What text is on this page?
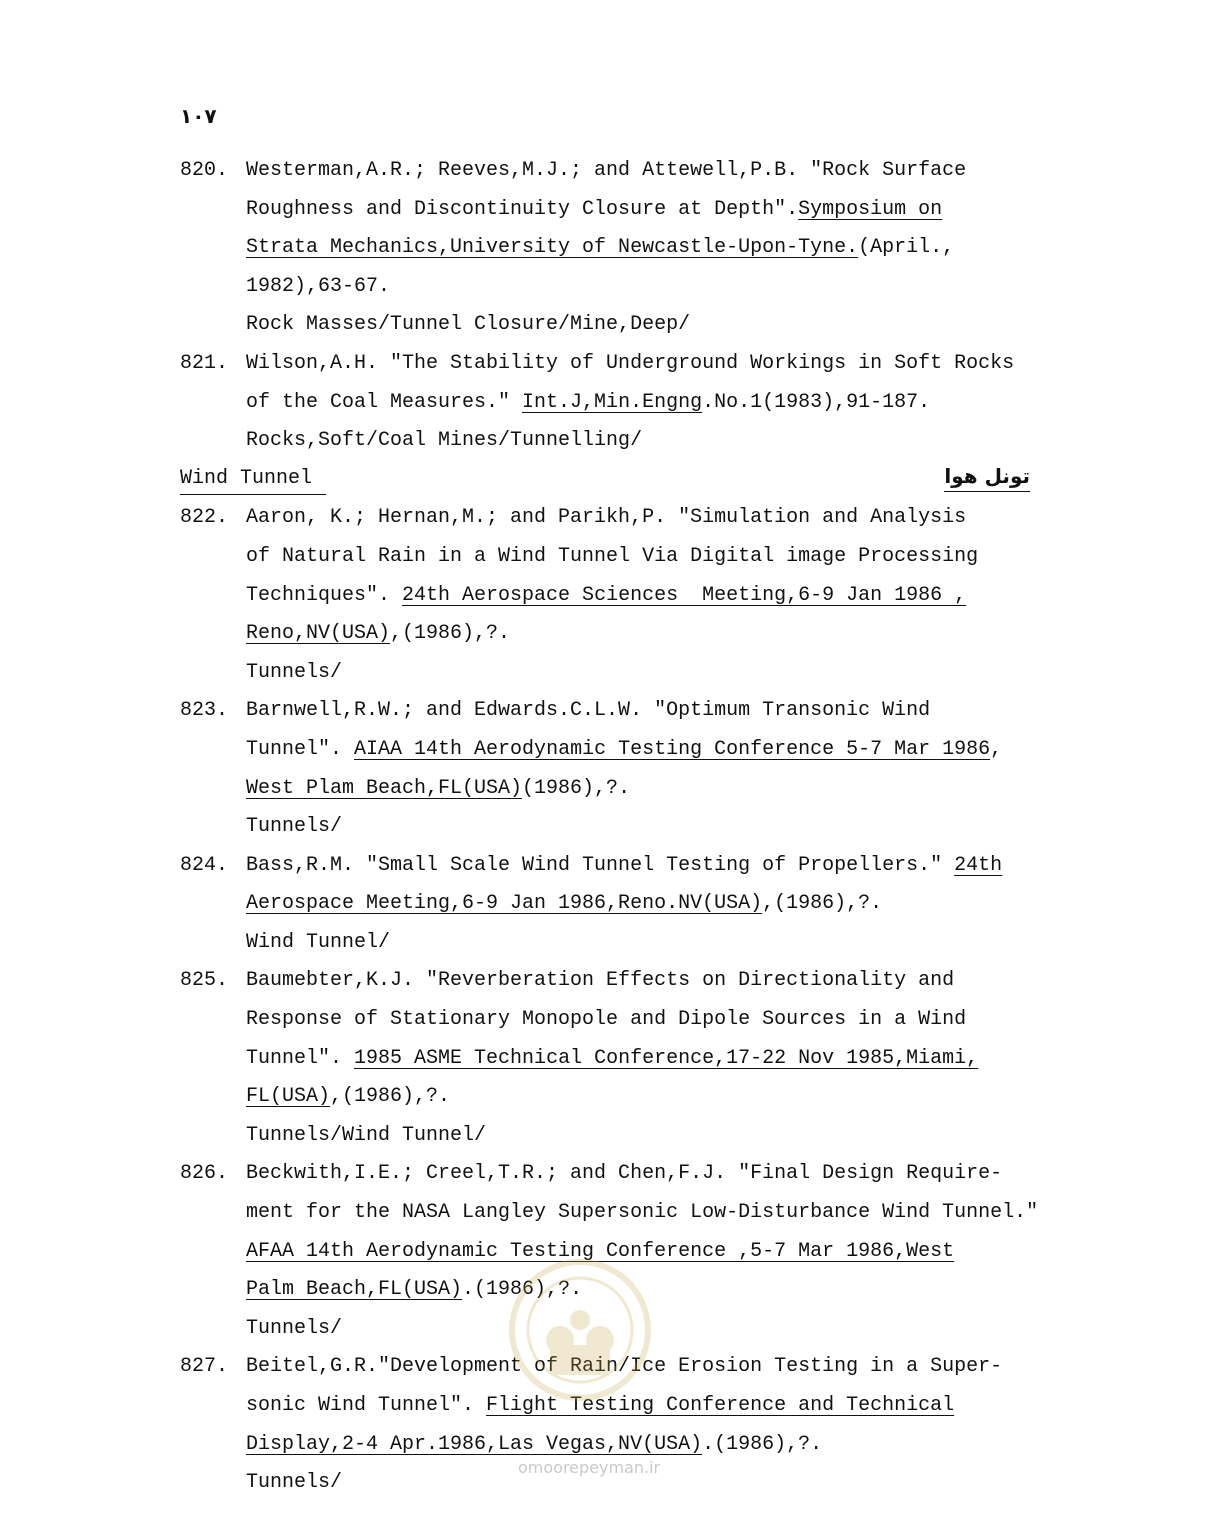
۱۰۷
820. Westerman,A.R.; Reeves,M.J.; and Attewell,P.B. "Rock Surface
Roughness and Discontinuity Closure at Depth".Symposium on
Strata Mechanics,University of Newcastle-Upon-Tyne.(April.,
1982),63-67.
Rock Masses/Tunnel Closure/Mine,Deep/
821. Wilson,A.H. "The Stability of Underground Workings in Soft Rocks
of the Coal Measures." Int.J,Min.Engng.No.1(1983),91-187.
Rocks,Soft/Coal Mines/Tunnelling/
Wind Tunnel	تونل هوا
822. Aaron, K.; Hernan,M.; and Parikh,P. "Simulation and Analysis
of Natural Rain in a Wind Tunnel Via Digital image Processing
Techniques". 24th Aerospace Sciences  Meeting,6-9 Jan 1986 ,
Reno,NV(USA),(1986),?.
Tunnels/
823. Barnwell,R.W.; and Edwards.C.L.W. "Optimum Transonic Wind
Tunnel". AIAA 14th Aerodynamic Testing Conference 5-7 Mar 1986,
West Plam Beach,FL(USA)(1986),?.
Tunnels/
824. Bass,R.M. "Small Scale Wind Tunnel Testing of Propellers." 24th
Aerospace Meeting,6-9 Jan 1986,Reno.NV(USA),(1986),?.
Wind Tunnel/
825. Baumebter,K.J. "Reverberation Effects on Directionality and
Response of Stationary Monopole and Dipole Sources in a Wind
Tunnel". 1985 ASME Technical Conference,17-22 Nov 1985,Miami,
FL(USA),(1986),?.
Tunnels/Wind Tunnel/
826. Beckwith,I.E.; Creel,T.R.; and Chen,F.J. "Final Design Require-
ment for the NASA Langley Supersonic Low-Disturbance Wind Tunnel."
AFAA 14th Aerodynamic Testing Conference ,5-7 Mar 1986,West
Palm Beach,FL(USA).(1986),?.
Tunnels/
827. Beitel,G.R."Development of Rain/Ice Erosion Testing in a Super-
sonic Wind Tunnel". Flight Testing Conference and Technical
Display,2-4 Apr.1986,Las Vegas,NV(USA).(1986),?.
Tunnels/
omoorepeyman.ir
